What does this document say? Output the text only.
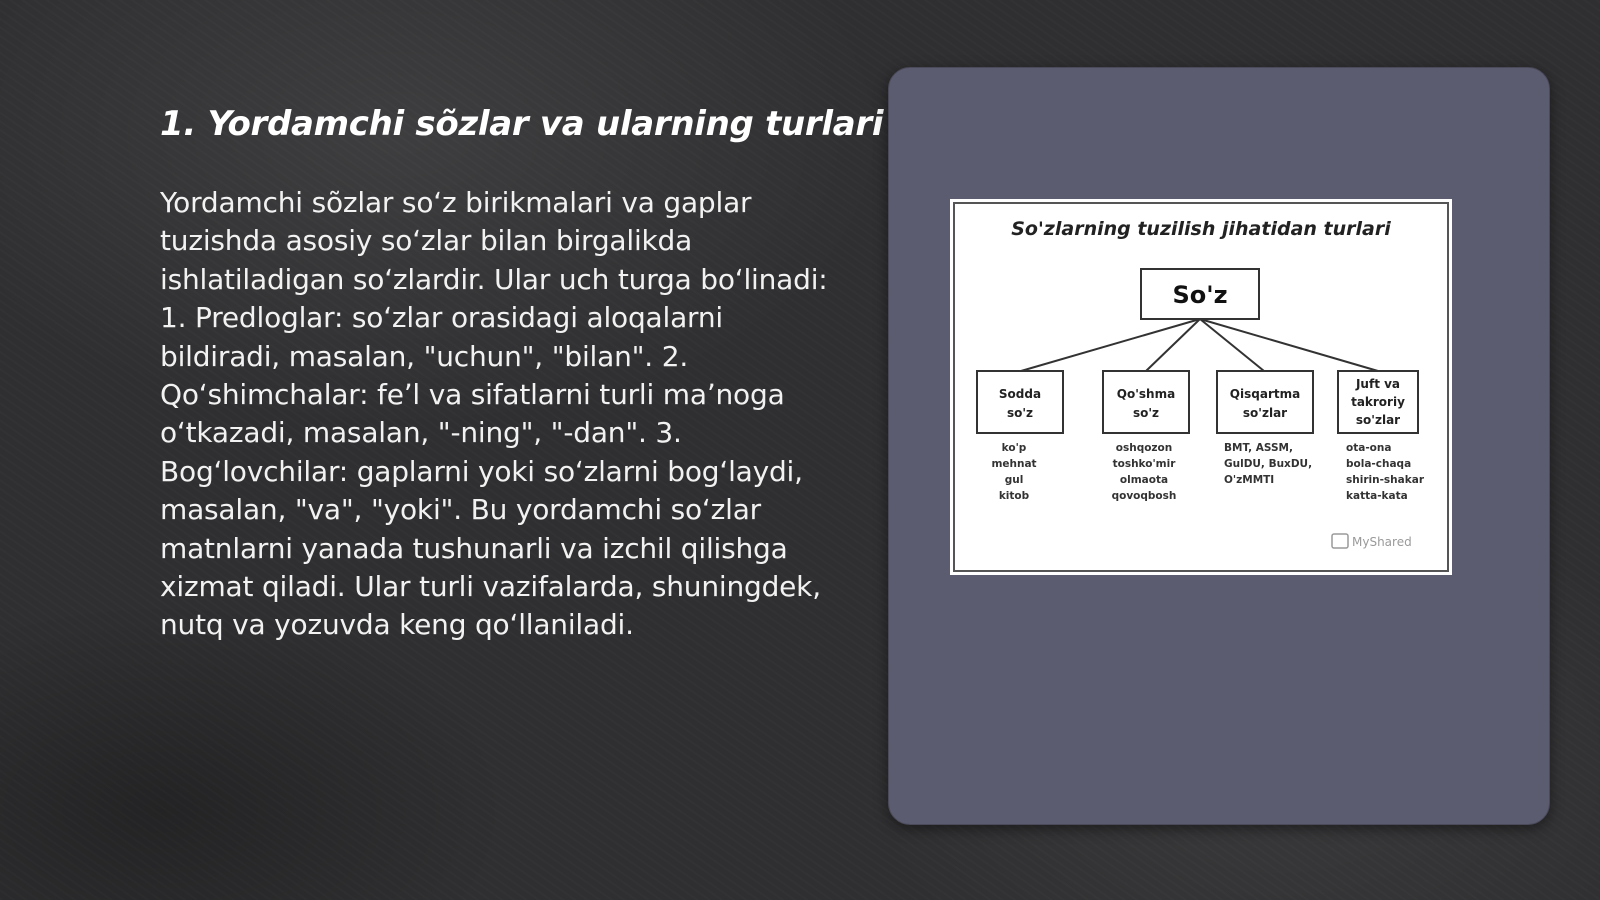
1. Yordamchi sõzlar va ularning turlari

Yordamchi sõzlar soʻz birikmalari va gaplar tuzishda asosiy soʻzlar bilan birgalikda ishlatiladigan soʻzlardir. Ular uch turga boʻlinadi: 1. Predloglar: soʻzlar orasidagi aloqalarni bildiradi, masalan, "uchun", "bilan". 2. Qoʻshimchalar: feʼl va sifatlarni turli maʼnoga oʻtkazadi, masalan, "-ning", "-dan". 3. Bogʻlovchilar: gaplarni yoki soʻzlarni bogʻlaydi, masalan, "va", "yoki". Bu yordamchi soʻzlar matnlarni yanada tushunarli va izchil qilishga xizmat qiladi. Ular turli vazifalarda, shuningdek, nutq va yozuvda keng qoʻllaniladi.

So'zlarning tuzilish jihatidan turlari
So'z
Sodda
so'z
ko'p
mehnat
gul
kitob
Qo'shma
so'z
oshqozon
toshko'mir
olmaota
qovoqbosh
Qisqartma
so'zlar
BMT, ASSM,
GulDU, BuxDU,
O'zMMTI
Juft va
takroriy
so'zlar
ota-ona
bola-chaqa
shirin-shakar
katta-kata
MyShared
